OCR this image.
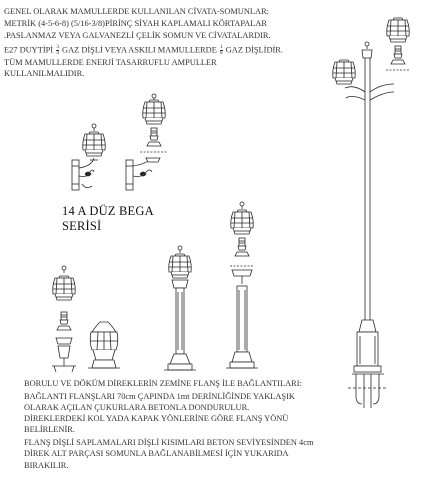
GENEL OLARAK MAMULLERDE KULLANILAN CİVATA-SOMUNLAR:
METRİK (4-5-6-8) (5/16-3/8)PİRİNÇ SİYAH KAPLAMALI KÖRTAPALAR
.PASLANMAZ VEYA GALVANEZLİ ÇELİK SOMUN VE CİVATALARDIR.
E27 DUYTİPİ $\frac{3}{4}$ GAZ DİŞLİ VEYA ASKILI MAMULLERDE $\frac{1}{8}$ GAZ DİŞLİDİR.
TÜM MAMULLERDE ENERJİ TASARRUFLU AMPULLER
KULLANILMALIDIR.
14 A DÜZ BEGA
SERİSİ
BORULU VE DÖKÜM DİREKLERİN ZEMİNE FLANŞ İLE BAĞLANTILARI:
BAĞLANTI FLANŞLARI 70cm ÇAPINDA 1mt DERİNLİĞİNDE YAKLAŞIK
OLARAK AÇILAN ÇUKURLARA BETONLA DONDURULUR.
DİREKLERDEKİ KOL YADA KAPAK YÖNLERİNE GÖRE FLANŞ YÖNÜ
BELİRLENİR.
FLANŞ DİŞLİ SAPLAMALARI DİŞLİ KISIMLARI BETON SEVİYESİNDEN 4cm
DİREK ALT PARÇASI SOMUNLA BAĞLANABİLMESİ İÇİN YUKARIDA
BIRAKILIR.
